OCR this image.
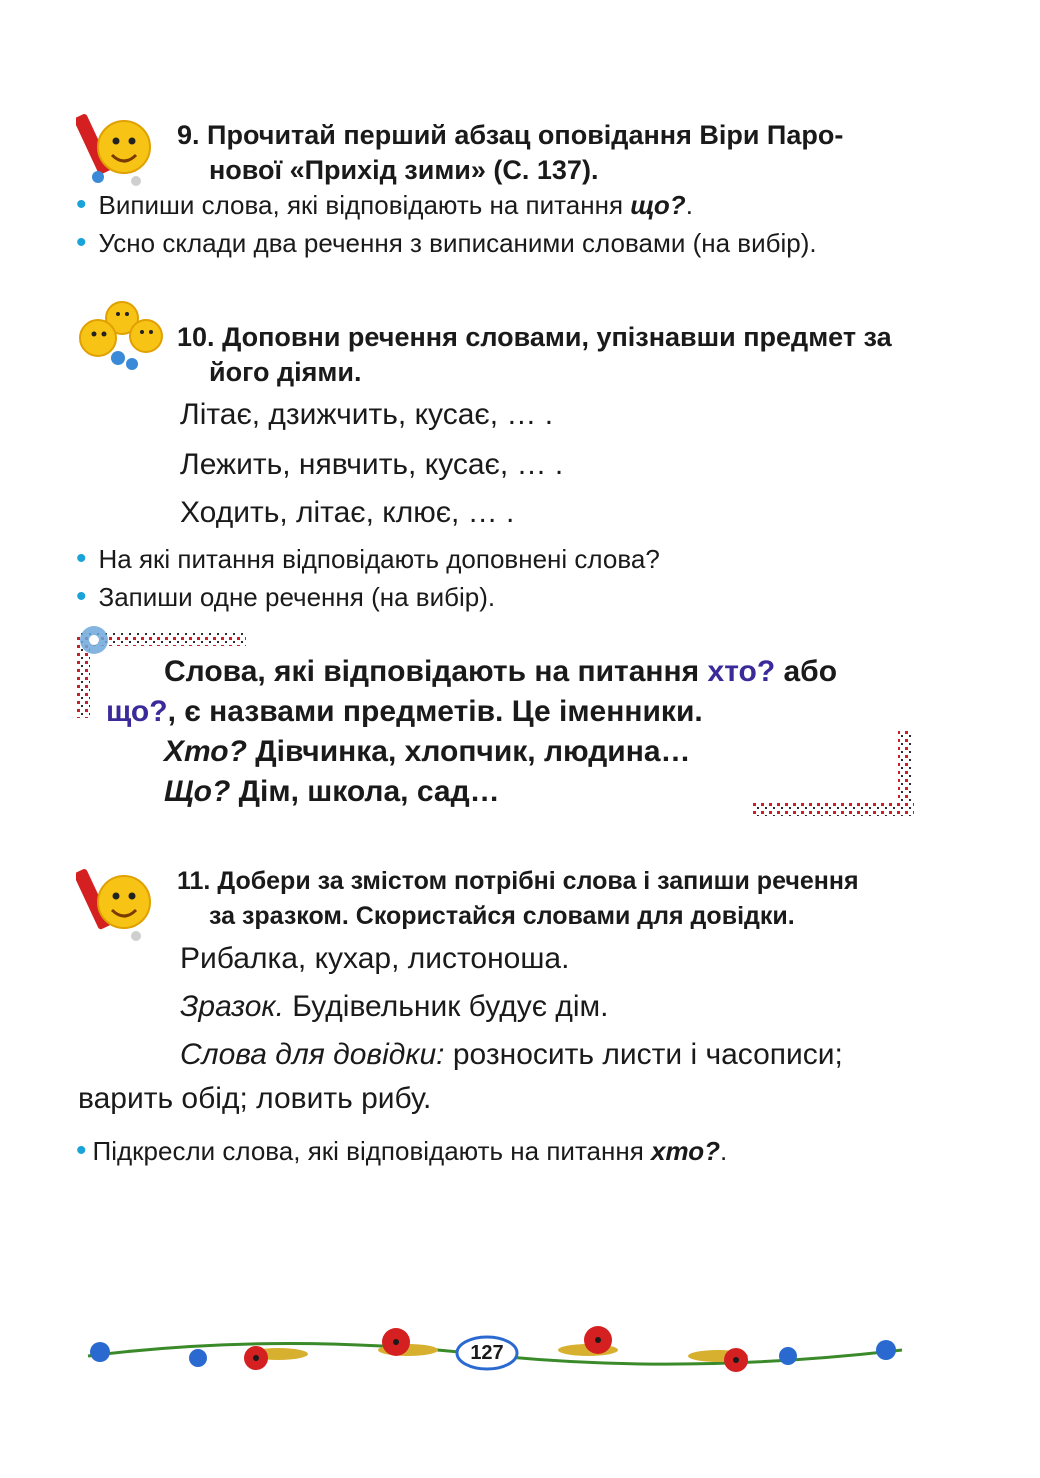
9. Прочитай перший абзац оповідання Віри Паро-
нової «Прихід зими» (С. 137).
• Випиши слова, які відповідають на питання що?.
• Усно склади два речення з виписаними словами (на вибір).
10. Доповни речення словами, упізнавши предмет за
його діями.
Літає, дзижчить, кусає, … .
Лежить, нявчить, кусає, … .
Ходить, літає, клює, … .
• На які питання відповідають доповнені слова?
• Запиши одне речення (на вибір).
Слова, які відповідають на питання хто? або
що?, є назвами предметів. Це іменники.
Хто? Дівчинка, хлопчик, людина…
Що? Дім, школа, сад…
11. Добери за змістом потрібні слова і запиши речення
за зразком. Скористайся словами для довідки.
Рибалка, кухар, листоноша.
Зразок. Будівельник будує дім.
Слова для довідки: розносить листи і часописи;
варить обід; ловить рибу.
• Підкресли слова, які відповідають на питання хто?.
127
